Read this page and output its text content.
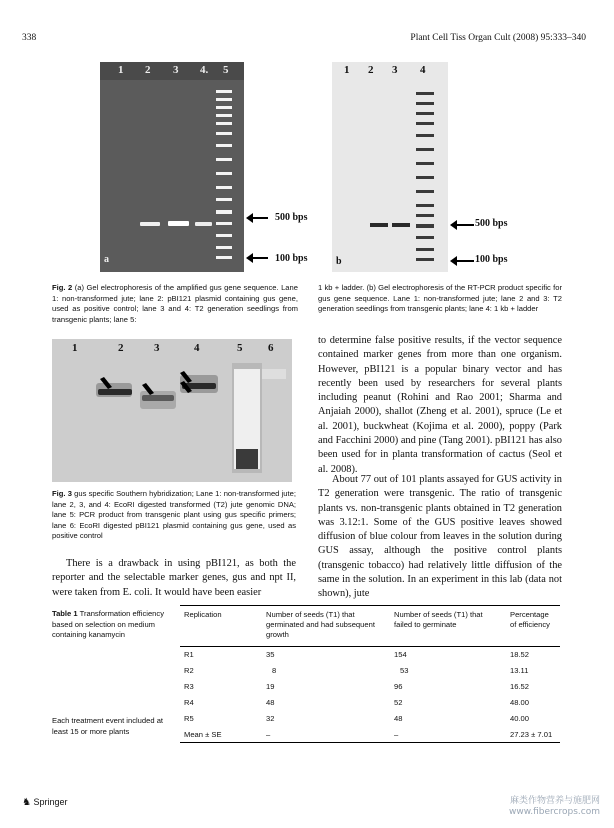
338	Plant Cell Tiss Organ Cult (2008) 95:333–340
1 2 3 4. 5
a
500 bps
100 bps
1 2 3 4
b
500 bps
100 bps
Fig. 2 (a) Gel electrophoresis of the amplified gus gene sequence. Lane 1: non-transformed jute; lane 2: pBI121 plasmid containing gus gene, used as positive control; lane 3 and 4: T2 generation seedlings from transgenic plants; lane 5:
1 kb + ladder. (b) Gel electrophoresis of the RT-PCR product specific for gus gene sequence. Lane 1: non-transformed jute; lane 2 and 3: T2 generation seedlings from transgenic plants; lane 4: 1 kb + ladder
1	2	3	4	5 6
Fig. 3 gus specific Southern hybridization; Lane 1: non-transformed jute; lane 2, 3, and 4: EcoRI digested transformed (T2) jute genomic DNA; lane 5: PCR product from transgenic plant using gus specific primers; lane 6: EcoRI digested pBI121 plasmid containing gus gene, used as positive control
There is a drawback in using pBI121, as both the reporter and the selectable marker genes, gus and npt II, were taken from E. coli. It would have been easier
to determine false positive results, if the vector sequence contained marker genes from more than one organism. However, pBI121 is a popular binary vector and has recently been used by researchers for several plants including peanut (Rohini and Rao 2001; Sharma and Anjaiah 2000), shallot (Zheng et al. 2001), spruce (Le et al. 2001), buckwheat (Kojima et al. 2000), poppy (Park and Facchini 2000) and pine (Tang 2001). pBI121 has also been used for in planta transformation of cactus (Seol et al. 2008).
About 77 out of 101 plants assayed for GUS activity in T2 generation were transgenic. The ratio of transgenic plants vs. non-transgenic plants obtained in T2 generation was 3.12:1. Some of the GUS positive leaves showed diffusion of blue colour from leaves in the solution during GUS assay, although the positive control plants (transgenic tobacco) had relatively little diffusion of the same in the solution. In an experiment in this lab (data not shown), jute
Table 1 Transformation efficiency based on selection on medium containing kanamycin
Each treatment event included at least 15 or more plants
Replication	Number of seeds (T1) that germinated and had subsequent growth	Number of seeds (T1) that failed to germinate	Percentage of efficiency
R1	35	154	18.52
R2	8	53	13.11
R3	19	96	16.52
R4	48	52	48.00
R5	32	48	40.00
Mean ± SE	–	–	27.23 ± 7.01
♞ Springer	麻类作物营养与施肥网
www.fibercrops.com
